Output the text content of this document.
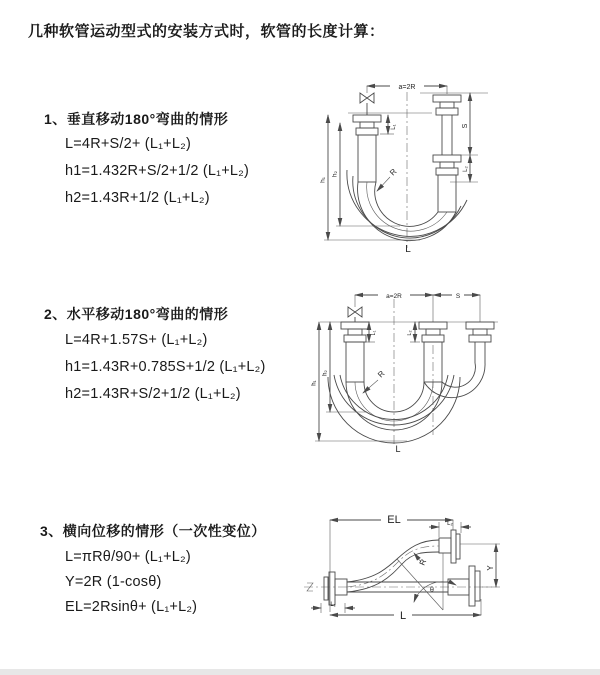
几种软管运动型式的安装方式时，软管的长度计算：
1、垂直移动180°弯曲的情形
L=4R+S/2+ (L₁+L₂)
h1=1.432R+S/2+1/2 (L₁+L₂)
h2=1.43R+1/2 (L₁+L₂)
2、水平移动180°弯曲的情形
L=4R+1.57S+ (L₁+L₂)
h1=1.43R+0.785S+1/2 (L₁+L₂)
h2=1.43R+S/2+1/2 (L₁+L₂)
3、横向位移的情形（一次性变位）
L=πRθ/90+ (L₁+L₂)
Y=2R (1-cosθ)
EL=2Rsinθ+ (L₁+L₂)
a=2R
R
h₁
h₂
L₁	S
L₂
L
a=2R	S
R
h₁
h₂
L₁	L₂
L
EL	L₂
Y
R
θ
L
L₁
